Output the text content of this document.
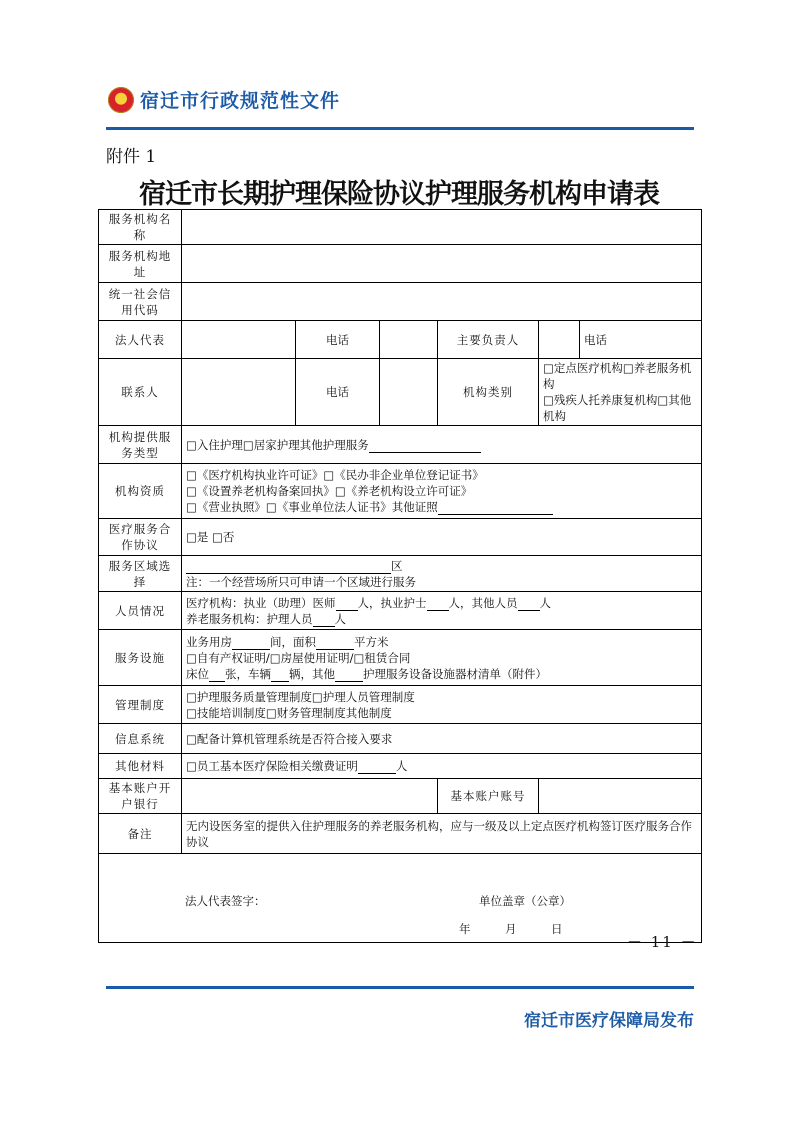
宿迁市行政规范性文件
附件 1
宿迁市长期护理保险协议护理服务机构申请表
服务机构名称						
服务机构地址						
统一社会信用代码						
法人代表		电话		主要负责人		电话
联系人		电话		机构类别	□定点医疗机构□养老服务机构
□残疾人托养康复机构□其他机构	

机构提供服务类型	□入住护理□居家护理其他护理服务					
机构资质	□《医疗机构执业许可证》□《民办非企业单位登记证书》
□《设置养老机构备案回执》□《养老机构设立许可证》
□《营业执照》□《事业单位法人证书》其他证照					

医疗服务合作协议	□是 □否					
服务区域选择	区
注：一个经营场所只可申请一个区域进行服务					

人员情况	医疗机构：执业（助理）医师 人，执业护士 人，其他人员 人
养老服务机构：护理人员 人					

服务设施	业务用房 间，面积 平方米
□自有产权证明/□房屋使用证明/□租赁合同
床位 张，车辆 辆，其他 护理服务设备设施器材清单（附件）					

管理制度	□护理服务质量管理制度□护理人员管理制度
□技能培训制度□财务管理制度其他制度					

信息系统	□配备计算机管理系统是否符合接入要求					
其他材料	□员工基本医疗保险相关缴费证明 人					
基本账户开户银行				基本账户账号		
备注	无内设医务室的提供入住护理服务的养老服务机构，应与一级及以上定点医疗机构签订医疗服务合作协议					

法人代表签字： 单位盖章（公章）
年　　　月　　　日						
－ 11 －
宿迁市医疗保障局发布
